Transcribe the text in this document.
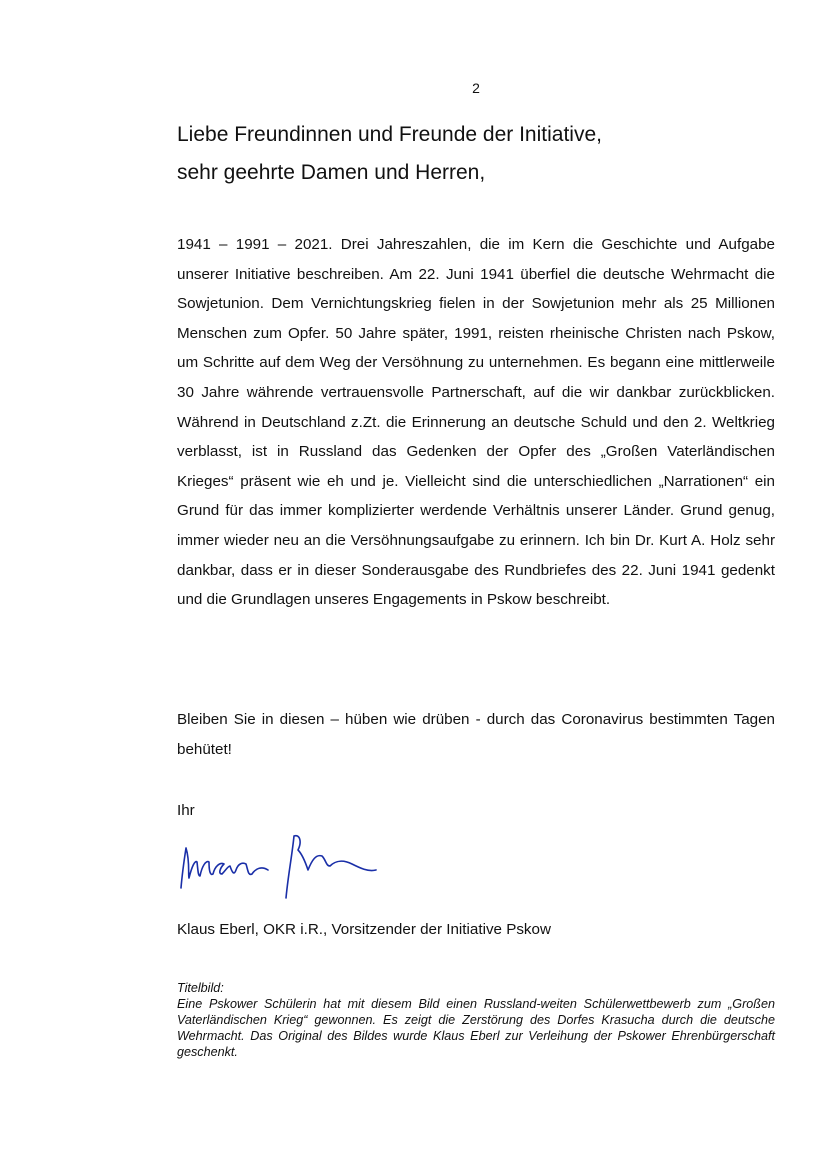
2
Liebe Freundinnen und Freunde der Initiative,
sehr geehrte Damen und Herren,

1941 – 1991 – 2021. Drei Jahreszahlen, die im Kern die Geschichte und Aufgabe unserer Initiative beschreiben. Am 22. Juni 1941 überfiel die deutsche Wehrmacht die Sowjetunion. Dem Vernichtungskrieg fielen in der Sowjetunion mehr als 25 Millionen Menschen zum Opfer. 50 Jahre später, 1991, reisten rheinische Christen nach Pskow, um Schritte auf dem Weg der Versöhnung zu unternehmen. Es begann eine mittlerweile 30 Jahre währende vertrauensvolle Partnerschaft, auf die wir dankbar zurückblicken. Während in Deutschland z.Zt. die Erinnerung an deutsche Schuld und den 2. Weltkrieg verblasst, ist in Russland das Gedenken der Opfer des „Großen Vaterländischen Krieges“ präsent wie eh und je. Vielleicht sind die unterschiedlichen „Narrationen“ ein Grund für das immer komplizierter werdende Verhältnis unserer Länder. Grund genug, immer wieder neu an die Versöhnungsaufgabe zu erinnern. Ich bin Dr. Kurt A. Holz sehr dankbar, dass er in dieser Sonderausgabe des Rundbriefes des 22. Juni 1941 gedenkt und die Grundlagen unseres Engagements in Pskow beschreibt.

Bleiben Sie in diesen – hüben wie drüben - durch das Coronavirus bestimmten Tagen behütet!

Ihr

Klaus Eberl, OKR i.R., Vorsitzender der Initiative Pskow

Titelbild:
Eine Pskower Schülerin hat mit diesem Bild einen Russland-weiten Schülerwettbewerb zum „Großen Vaterländischen Krieg“ gewonnen. Es zeigt die Zerstörung des Dorfes Krasucha durch die deutsche Wehrmacht. Das Original des Bildes wurde Klaus Eberl zur Verleihung der Pskower Ehrenbürgerschaft geschenkt.
